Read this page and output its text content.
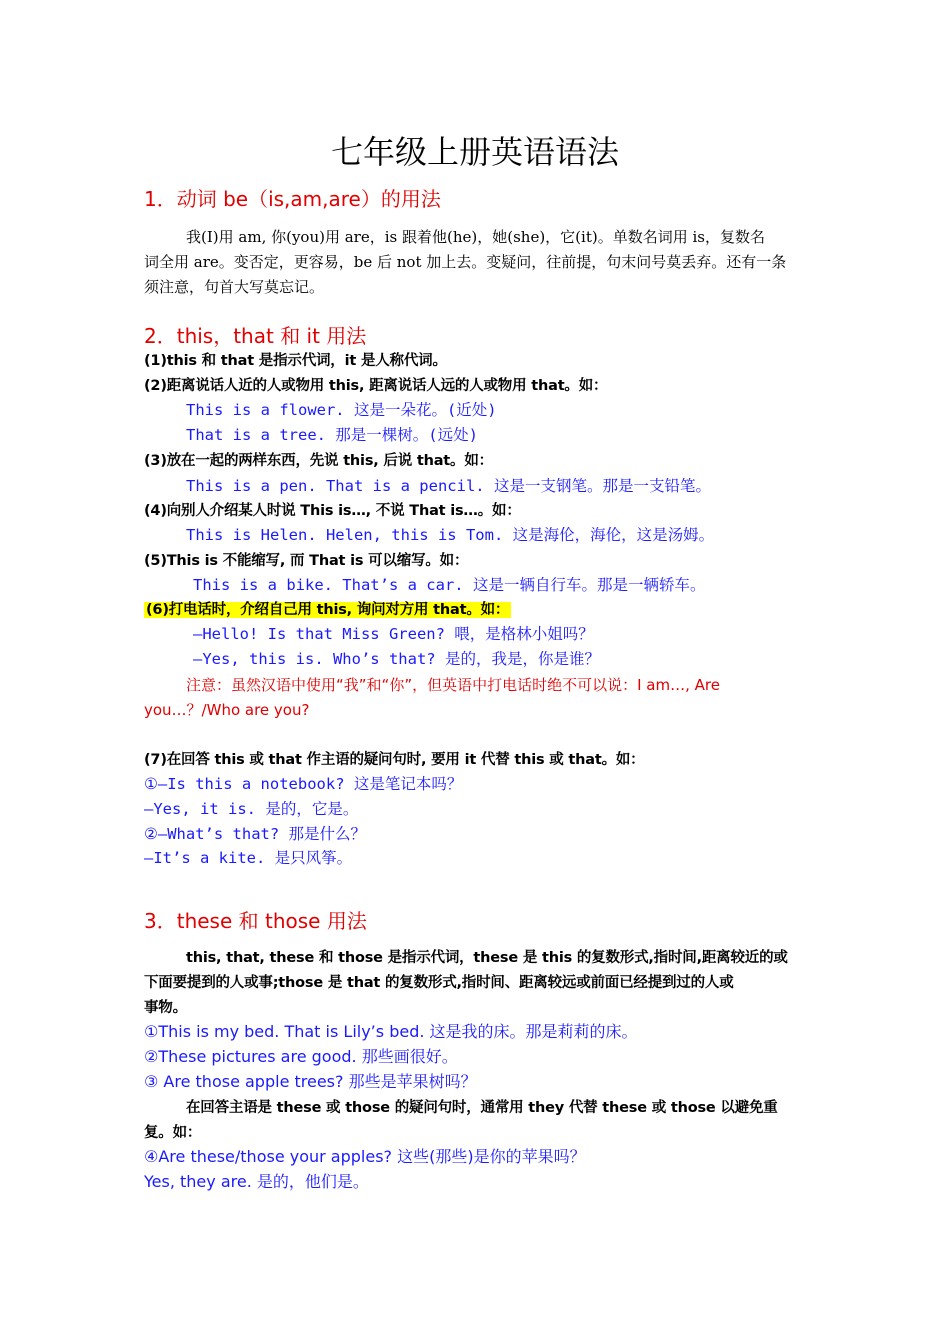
七年级上册英语语法
1．动词 be（is,am,are）的用法
我(I)用 am, 你(you)用 are，is 跟着他(he)，她(she)，它(it)。单数名词用 is，复数名
词全用 are。变否定，更容易，be 后 not 加上去。变疑问，往前提，句末问号莫丢弃。还有一条
须注意，句首大写莫忘记。
2．this，that 和 it 用法
(1)this 和 that 是指示代词，it 是人称代词。
(2)距离说话人近的人或物用 this, 距离说话人远的人或物用 that。如：
This is a flower. 这是一朵花。(近处)
That is a tree. 那是一棵树。(远处)
(3)放在一起的两样东西，先说 this, 后说 that。如：
This is a pen. That is a pencil. 这是一支钢笔。那是一支铅笔。
(4)向别人介绍某人时说 This is…, 不说 That is…。如：
This is Helen. Helen, this is Tom. 这是海伦，海伦，这是汤姆。
(5)This is 不能缩写, 而 That is 可以缩写。如：
This is a bike. That’s a car. 这是一辆自行车。那是一辆轿车。
(6)打电话时，介绍自己用 this, 询问对方用 that。如：
—Hello! Is that Miss Green? 喂，是格林小姐吗？
—Yes, this is. Who’s that? 是的，我是，你是谁？
注意：虽然汉语中使用“我”和“你”，但英语中打电话时绝不可以说：I am…, Are
you…？/Who are you?
(7)在回答 this 或 that 作主语的疑问句时, 要用 it 代替 this 或 that。如：
①—Is this a notebook? 这是笔记本吗？
—Yes, it is. 是的，它是。
②—What’s that? 那是什么？
—It’s a kite. 是只风筝。
3．these 和 those 用法
this, that, these 和 those 是指示代词，these 是 this 的复数形式,指时间,距离较近的或
下面要提到的人或事;those 是 that 的复数形式,指时间、距离较远或前面已经提到过的人或
事物。
①This is my bed. That is Lily’s bed. 这是我的床。那是莉莉的床。
②These pictures are good. 那些画很好。
③ Are those apple trees? 那些是苹果树吗？
在回答主语是 these 或 those 的疑问句时，通常用 they 代替 these 或 those 以避免重
复。如：
④Are these/those your apples? 这些(那些)是你的苹果吗？
Yes, they are. 是的，他们是。
